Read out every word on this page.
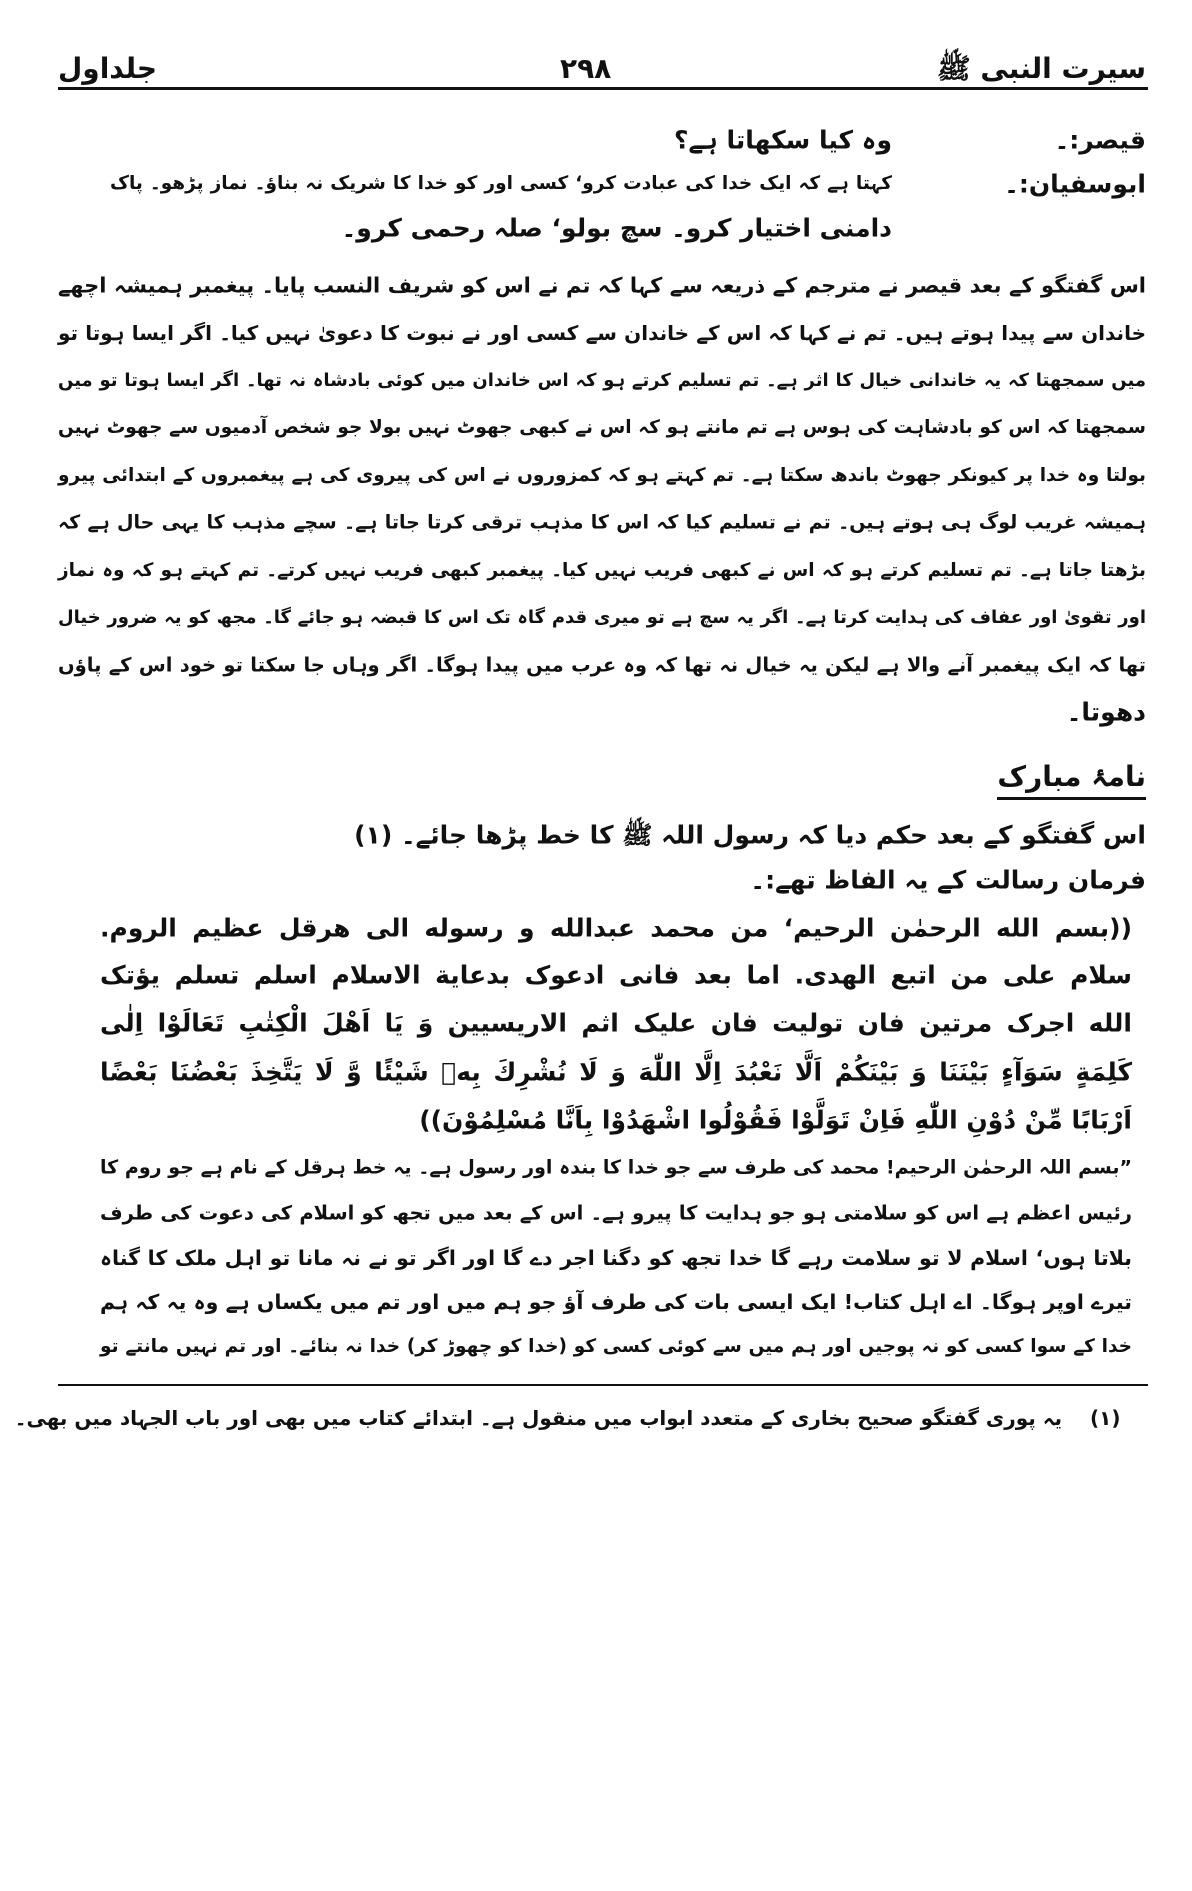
سیرت النبی ﷺ
۲۹۸
جلداول
قیصر:۔
وہ کیا سکھاتا ہے؟
ابوسفیان:۔
کہتا ہے کہ ایک خدا کی عبادت کرو‘ کسی اور کو خدا کا شریک نہ بناؤ۔ نماز پڑھو۔ پاک
دامنی اختیار کرو۔ سچ بولو‘ صلہ رحمی کرو۔
اس گفتگو کے بعد قیصر نے مترجم کے ذریعہ سے کہا کہ تم نے اس کو شریف النسب پایا۔ پیغمبر ہمیشہ اچھے
خاندان سے پیدا ہوتے ہیں۔ تم نے کہا کہ اس کے خاندان سے کسی اور نے نبوت کا دعویٰ نہیں کیا۔ اگر ایسا ہوتا تو
میں سمجھتا کہ یہ خاندانی خیال کا اثر ہے۔ تم تسلیم کرتے ہو کہ اس خاندان میں کوئی بادشاہ نہ تھا۔ اگر ایسا ہوتا تو میں
سمجھتا کہ اس کو بادشاہت کی ہوس ہے تم مانتے ہو کہ اس نے کبھی جھوٹ نہیں بولا جو شخص آدمیوں سے جھوٹ نہیں
بولتا وہ خدا پر کیونکر جھوٹ باندھ سکتا ہے۔ تم کہتے ہو کہ کمزوروں نے اس کی پیروی کی ہے پیغمبروں کے ابتدائی پیرو
ہمیشہ غریب لوگ ہی ہوتے ہیں۔ تم نے تسلیم کیا کہ اس کا مذہب ترقی کرتا جاتا ہے۔ سچے مذہب کا یہی حال ہے کہ
بڑھتا جاتا ہے۔ تم تسلیم کرتے ہو کہ اس نے کبھی فریب نہیں کیا۔ پیغمبر کبھی فریب نہیں کرتے۔ تم کہتے ہو کہ وہ نماز
اور تقویٰ اور عفاف کی ہدایت کرتا ہے۔ اگر یہ سچ ہے تو میری قدم گاہ تک اس کا قبضہ ہو جائے گا۔ مجھ کو یہ ضرور خیال
تھا کہ ایک پیغمبر آنے والا ہے لیکن یہ خیال نہ تھا کہ وہ عرب میں پیدا ہوگا۔ اگر وہاں جا سکتا تو خود اس کے پاؤں
دھوتا۔
نامۂ مبارک
اس گفتگو کے بعد حکم دیا کہ رسول اللہ ﷺ کا خط پڑھا جائے۔ (۱)
فرمان رسالت کے یہ الفاظ تھے:۔
((بسم الله الرحمٰن الرحيم‘ من محمد عبدالله و رسوله الى هرقل عظيم الروم.
سلام على من اتبع الهدى. اما بعد فانى ادعوک بدعاية الاسلام اسلم تسلم يؤتک
الله اجرک مرتين فان توليت فان عليک اثم الاريسيين وَ يَا اَهْلَ الْكِتٰبِ تَعَالَوْا اِلٰى
كَلِمَةٍ سَوَآءٍ بَيْنَنَا وَ بَيْنَكُمْ اَلَّا نَعْبُدَ اِلَّا اللّٰهَ وَ لَا نُشْرِكَ بِهٖ شَيْئًا وَّ لَا يَتَّخِذَ بَعْضُنَا بَعْضًا
اَرْبَابًا مِّنْ دُوْنِ اللّٰهِ فَاِنْ تَوَلَّوْا فَقُوْلُوا اشْهَدُوْا بِاَنَّا مُسْلِمُوْنَ))
”بسم اللہ الرحمٰن الرحیم! محمد کی طرف سے جو خدا کا بندہ اور رسول ہے۔ یہ خط ہرقل کے نام ہے جو روم کا
رئیس اعظم ہے اس کو سلامتی ہو جو ہدایت کا پیرو ہے۔ اس کے بعد میں تجھ کو اسلام کی دعوت کی طرف
بلاتا ہوں‘ اسلام لا تو سلامت رہے گا خدا تجھ کو دگنا اجر دے گا اور اگر تو نے نہ مانا تو اہل ملک کا گناہ
تیرے اوپر ہوگا۔ اے اہل کتاب! ایک ایسی بات کی طرف آؤ جو ہم میں اور تم میں یکساں ہے وہ یہ کہ ہم
خدا کے سوا کسی کو نہ پوجیں اور ہم میں سے کوئی کسی کو (خدا کو چھوڑ کر) خدا نہ بنائے۔ اور تم نہیں مانتے تو
(۱)
یہ پوری گفتگو صحیح بخاری کے متعدد ابواب میں منقول ہے۔ ابتدائے کتاب میں بھی اور باب الجہاد میں بھی۔
